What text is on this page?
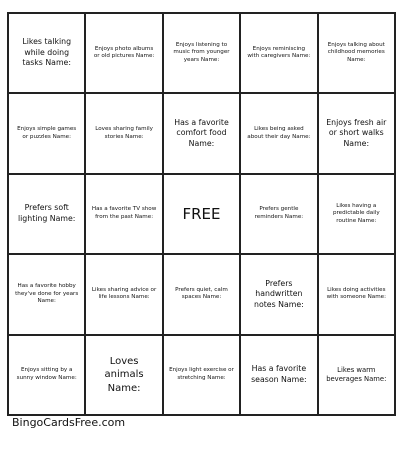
Likes talking while doing tasks Name:
Enjoys photo albums or old pictures Name:
Enjoys listening to music from younger years Name:
Enjoys reminiscing with caregivers Name:
Enjoys talking about childhood memories Name:
Enjoys simple games or puzzles Name:
Loves sharing family stories Name:
Has a favorite comfort food Name:
Likes being asked about their day Name:
Enjoys fresh air or short walks Name:
Prefers soft lighting Name:
Has a favorite TV show from the past Name: FREE	Prefers gentle reminders Name:
Likes having a predictable daily routine Name:
Has a favorite hobby they've done for years Name:
Likes sharing advice or life lessons Name:
Prefers quiet, calm spaces Name:
Prefers handwritten notes Name:
Likes doing activities with someone Name:
Enjoys sitting by a sunny window Name:
Loves animals Name:
Enjoys light exercise or stretching Name:
Has a favorite season Name:
Likes warm beverages Name:
BingoCardsFree.com
